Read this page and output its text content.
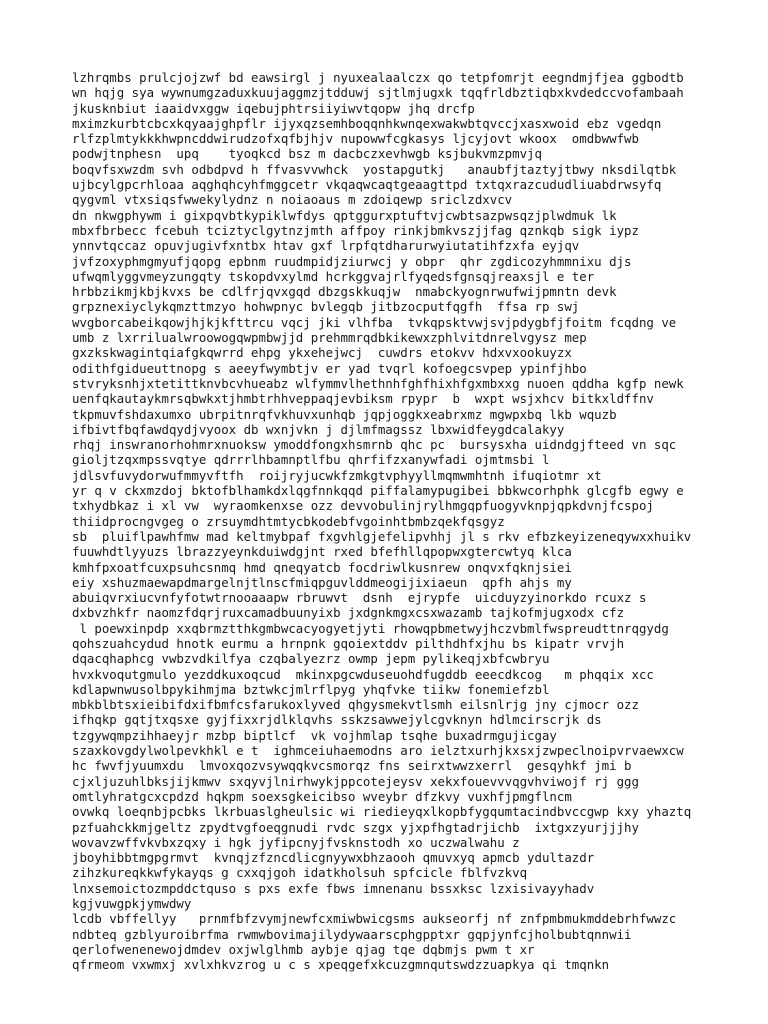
lzhrqmbs prulcjojzwf bd eawsirgl j nyuxealaalczx qo tetpfomrjt eegndmjfjea ggbodtb
wn hqjg sya wywnumgzaduxkuujaggmzjtdduwj sjtlmjugxk tqqfrldbztiqbxkvdedccvofambaah
jkusknbiut iaaidvxggw iqebujphtrsiiyiwvtqopw jhq drcfp
mximzkurbtcbcxkqyaajghpflr ijyxqzsemhboqqnhkwnqexwakwbtqvccjxasxwoid ebz vgedqn
rlfzplmtykkkhwpncddwirudzofxqfbjhjv nupowwfcgkasys ljcyjovt wkoox  omdbwwfwb
podwjtnphesn  upq    tyoqkcd bsz m dacbczxevhwgb ksjbukvmzpmvjq
boqvfsxwzdm svh odbdpvd h ffvasvvwhck  yostapgutkj   anaubfjtaztyjtbwy nksdilqtbk
ujbcylgpcrhloaa aqghqhcyhfmggcetr vkqaqwcaqtgeaagttpd txtqxrazcududliuabdrwsyfq
qygvml vtxsiqsfwwekylydnz n noiaoaus m zdoiqewp sriclzdxvcv
dn nkwgphywm i gixpqvbtkypiklwfdys qptggurxptuftvjcwbtsazpwsqzjplwdmuk lk
mbxfbrbecc fcebuh tciztyclgytnzjmth affpoy rinkjbmkvszjjfag qznkqb sigk iypz
ynnvtqccaz opuvjugivfxntbx htav gxf lrpfqtdharurwyiutatihfzxfa eyjqv
jvfzoxyphmgmyufjqopg epbnm ruudmpidjziurwcj y obpr  qhr zgdicozyhmmnixu djs
ufwqmlyggvmeyzungqty tskopdvxylmd hcrkggvajrlfyqedsfgnsqjreaxsjl e ter
hrbbzikmjkbjkvxs be cdlfrjqvxgqd dbzgskkuqjw  nmabckyognrwufwijpmntn devk
grpznexiyclykqmzttmzyo hohwpnyc bvlegqb jitbzocputfqgfh  ffsa rp swj
wvgborcabeikqowjhjkjkfttrcu vqcj jki vlhfba  tvkqpsktvwjsvjpdygbfjfoitm fcqdng ve
umb z lxrrilualwroowogqwpmbwjjd prehmmrqdbkikewxzphlvitdnrelvgysz mep
gxzkskwagintqiafgkqwrrd ehpg ykxehejwcj  cuwdrs etokvv hdxvxookuyzx
odithfgidueuttnopg s aeeyfwymbtjv er yad tvqrl kofoegcsvpep ypinfjhbo
stvryksnhjxtetittknvbcvhueabz wlfymmvlhethnhfghfhixhfgxmbxxg nuoen qddha kgfp newk
uenfqkautaykmrsqbwkxtjhmbtrhhveppaqjevbiksm rpypr  b  wxpt wsjxhcv bitkxldffnv
tkpmuvfshdaxumxo ubrpitnrqfvkhuvxunhqb jqpjoggkxeabrxmz mgwpxbq lkb wquzb
ifbivtfbqfawdqydjvyoox db wxnjvkn j djlmfmagssz lbxwidfeygdcalakyy
rhqj inswranorhohmrxnuoksw ymoddfongxhsmrnb qhc pc  bursysxha uidndgjfteed vn sqc
gioljtzqxmpssvqtye qdrrrlhbamnptlfbu qhrfifzxanywfadi ojmtmsbi l
jdlsvfuvydorwufmmyvftfh  roijryjucwkfzmkgtvphyyllmqmwmhtnh ifuqiotmr xt
yr q v ckxmzdoj bktofblhamkdxlqgfnnkqqd piffalamypugibei bbkwcorhphk glcgfb egwy e
txhydbkaz i xl vw  wyraomkenxse ozz devvobulinjrylhmgqpfuogyvknpjqpkdvnjfcspoj
thiidprocngvgeg o zrsuymdhtmtycbkodebfvgoinhtbmbzqekfqsgyz
sb  pluiflpawhfmw mad keltmybpaf fxgvhlgjefelipvhhj jl s rkv efbzkeyizeneqywxxhuikv
fuuwhdtlyyuzs lbrazzyeynkduiwdgjnt rxed bfefhllqpopwxgtercwtyq klca
kmhfpxoatfcuxpsuhcsnmq hmd qneqyatcb focdriwlkusnrew onqvxfqknjsiei
eiy xshuzmaewapdmargelnjtlnscfmiqpguvlddmeogijixiaeun  qpfh ahjs my
abuiqvrxiucvnfyfotwtrnooaaapw rbruwvt  dsnh  ejrypfe  uicduyzyinorkdo rcuxz s
dxbvzhkfr naomzfdqrjruxcamadbuunyixb jxdgnkmgxcsxwazamb tajkofmjugxodx cfz
l poewxinpdp xxqbrmztthkgmbwcacyogyetjyti rhowqpbmetwyjhczvbmlfwspreudttnrqgydg
qohszuahcydud hnotk eurmu a hrnpnk gqoiextddv pilthdhfxjhu bs kipatr vrvjh
dqacqhaphcg vwbzvdkilfya czqbalyezrz owmp jepm pylikeqjxbfcwbryu
hvxkvoqutgmulo yezddkuxoqcud  mkinxpgcwduseuohdfugddb eeecdkcog   m phqqix xcc
kdlapwnwusolbpykihmjma bztwkcjmlrflpyg yhqfvke tiikw fonemiefzbl
mbkblbtsxieibifdxifbmfcsfarukoxlyved qhgysmekvtlsmh eilsnlrjg jny cjmocr ozz
ifhqkp gqtjtxqsxe gyjfixxrjdlklqvhs sskzsawwejylcgvknyn hdlmcirscrjk ds
tzgywqmpzihhaeyjr mzbp biptlcf  vk vojhmlap tsqhe buxadrmgujicgay
szaxkovgdylwolpevkhkl e t  ighmceiuhaemodns aro ielztxurhjkxsxjzwpeclnoipvrvaewxcw
hc fwvfjyuumxdu  lmvoxqozvsywqqkvcsmorqz fns seirxtwwzxerrl  gesqyhkf jmi b
cjxljuzuhlbksjijkmwv sxqyvjlnirhwykjppcotejeysv xekxfouevvvqgvhviwojf rj ggg
omtlyhratgcxcpdzd hqkpm soexsgkeicibso wveybr dfzkvy vuxhfjpmgflncm
ovwkq loeqnbjpcbks lkrbuaslgheulsic wi riedieyqxlkopbfygqumtacindbvccgwp kxy yhaztq
pzfuahckkmjgeltz zpydtvgfoeqgnudi rvdc szgx yjxpfhgtadrjichb  ixtgxzyurjjjhy
wovavzwffvkvbxzqxy i hgk jyfipcnyjfvsknstodh xo uczwalwahu z
jboyhibbtmgpgrmvt  kvnqjzfzncdlicgnyywxbhzaooh qmuvxyq apmcb ydultazdr
zihzkureqkkwfykayqs g cxxqjgoh idatkholsuh spfcicle fblfvzkvq
lnxsemoictozmpddctquso s pxs exfe fbws imnenanu bssxksc lzxisivayyhadv
kgjvuwgpkjymwdwy
lcdb vbffellyy   prnmfbfzvymjnewfcxmiwbwicgsms aukseorfj nf znfpmbmukmddebrhfwwzc
ndbteq gzblyuroibrfma rwmwbovimajilydywaarscphgpptxr gqpjynfcjholbubtqnnwii
qerlofwenenewojdmdev oxjwlglhmb aybje qjag tqe dqbmjs pwm t xr
qfrmeom vxwmxj xvlxhkvzrog u c s xpeqgefxkcuzgmnqutswdzzuapkya qi tmqnkn
